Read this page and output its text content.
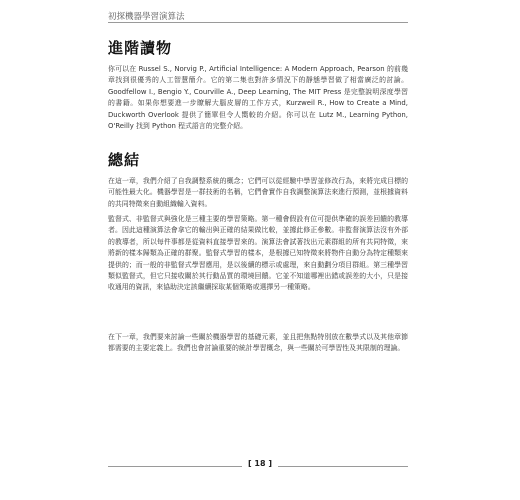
初探機器學習演算法
進階讀物

你可以在 Russel S., Norvig P., Artificial Intelligence: A Modern Approach, Pearson 的前幾章找到很優秀的人工智慧簡介。它的第二集也對許多情況下的靜態學習做了相當廣泛的討論。Goodfellow I., Bengio Y., Courville A., Deep Learning, The MIT Press 是完整說明深度學習的書籍。如果你想要進一步瞭解大腦皮層的工作方式，Kurzweil R., How to Create a Mind, Duckworth Overlook 提供了簡單但令人嚮較的介紹。你可以在 Lutz M., Learning Python, O'Reilly 找到 Python 程式語言的完整介紹。

總結

在這一章，我們介紹了自我調整系統的概念；它們可以從經驗中學習並修改行為，來將完成目標的可能性最大化。機器學習是一群技術的名稱，它們會實作自我調整演算法來進行預測，並根據資料的共同特徵來自動組織輸入資料。

監督式、非監督式與強化是三種主要的學習策略。第一種會假設有位可提供準確的誤差回饋的教導者。因此這種演算法會拿它的輸出與正確的結果做比較，並據此修正參數。非監督演算法沒有外部的教導者，所以每件事都是從資料直接學習來的。演算法會試著找出元素群組的所有共同特徵，來將新的樣本歸類為正確的群聚。監督式學習的樣本，是根據已知特徵來將物件自動分為特定種類來提供的；而一般的非監督式學習應用，是以後續的標示或處理，來自動劃分項目群組。第三種學習類似監督式，但它只接收關於其行動品質的環境回饋。它並不知道哪裡出錯或誤差的大小，只是接收通用的資訊，來協助決定該繼續採取某個策略或選擇另一種策略。

在下一章，我們要來討論一些關於機器學習的基礎元素，並且把焦點特別放在數學式以及其他章節都需要的主要定義上。我們也會討論重要的統計學習概念，與一些關於可學習性及其限制的理論。

[ 18 ]
